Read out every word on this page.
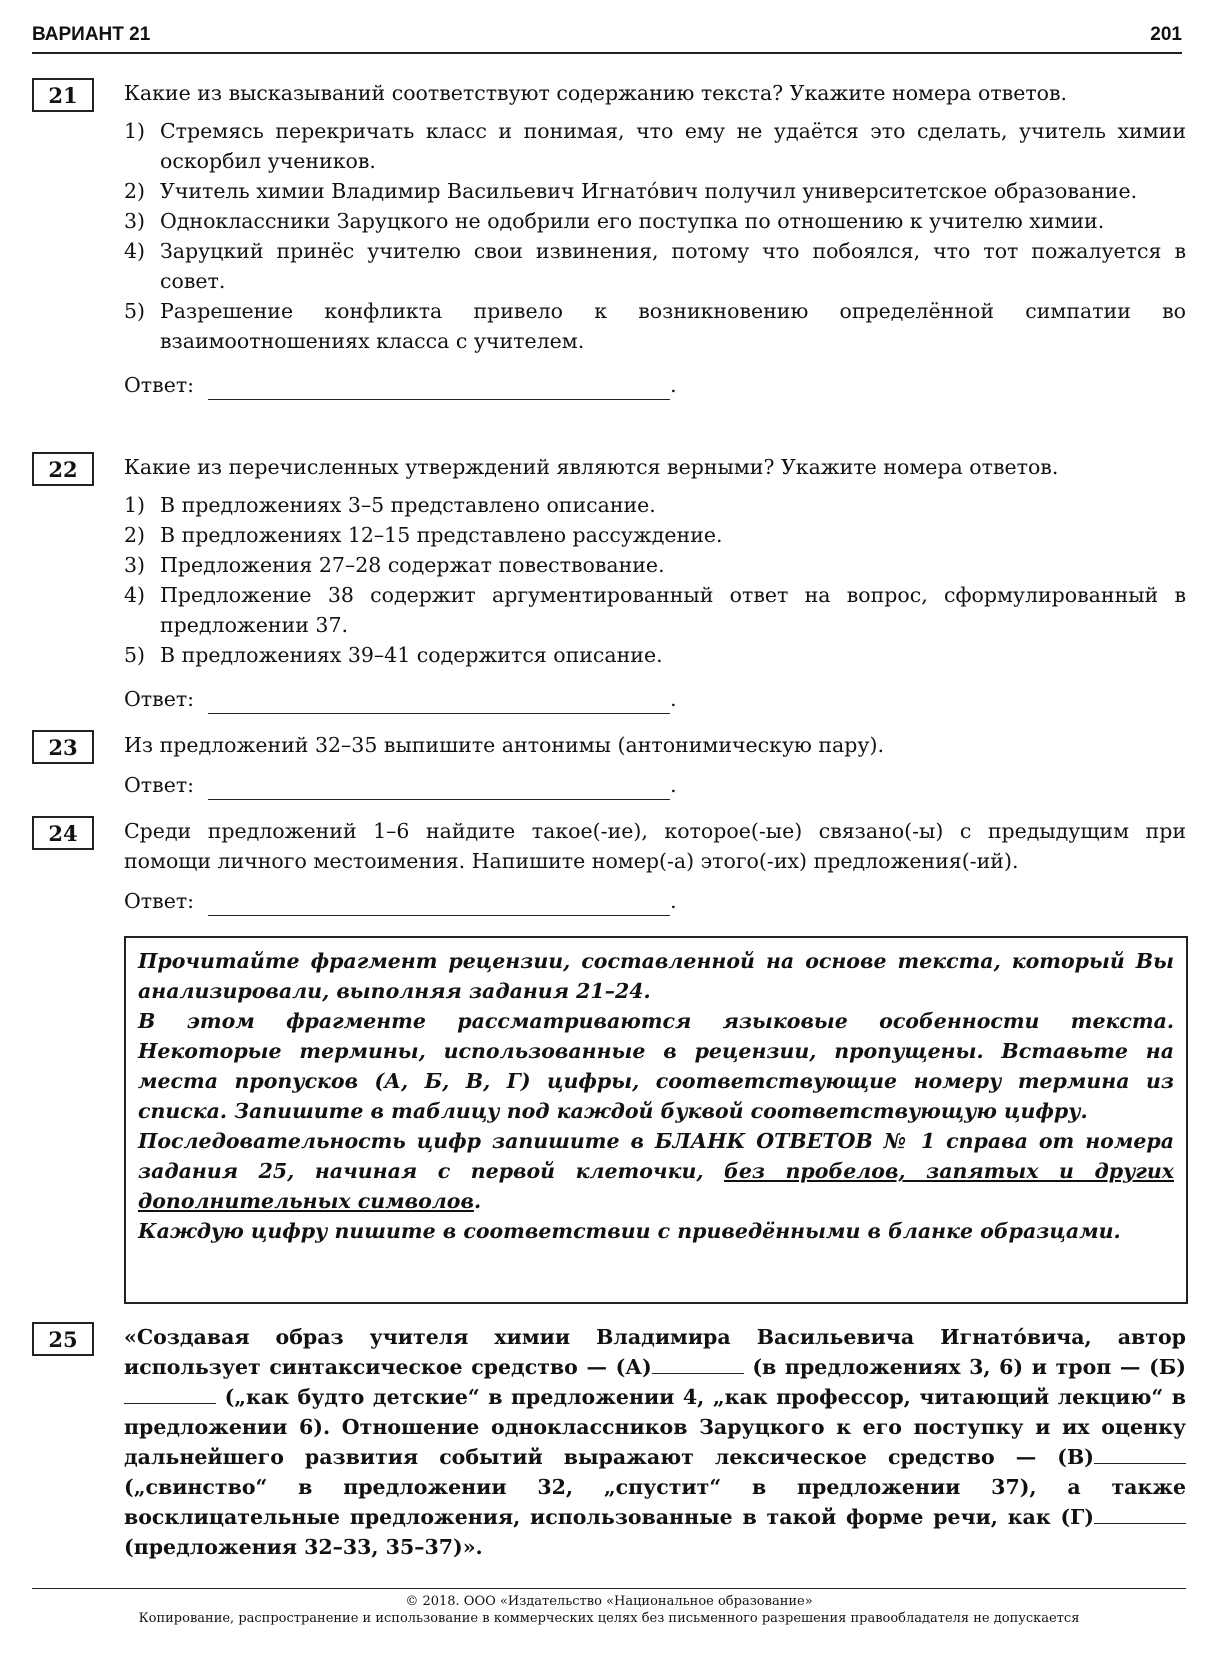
ВАРИАНТ 21	201
21	Какие из высказываний соответствуют содержанию текста? Укажите номера ответов.
1) Стремясь перекричать класс и понимая, что ему не удаётся это сделать, учитель химии оскорбил учеников.
2) Учитель химии Владимир Васильевич Игнато́вич получил университетское образование.
3) Одноклассники Заруцкого не одобрили его поступка по отношению к учителю химии.
4) Заруцкий принёс учителю свои извинения, потому что побоялся, что тот пожалуется в совет.
5) Разрешение конфликта привело к возникновению определённой симпатии во взаимоотношениях класса с учителем.
Ответ:	.
22	Какие из перечисленных утверждений являются верными? Укажите номера ответов.
1) В предложениях 3–5 представлено описание.
2) В предложениях 12–15 представлено рассуждение.
3) Предложения 27–28 содержат повествование.
4) Предложение 38 содержит аргументированный ответ на вопрос, сформулированный в предложении 37.
5) В предложениях 39–41 содержится описание.
Ответ:	.
23	Из предложений 32–35 выпишите антонимы (антонимическую пару).
Ответ:	.
24	Среди предложений 1–6 найдите такое(-ие), которое(-ые) связано(-ы) с предыдущим при помощи личного местоимения. Напишите номер(-а) этого(-их) предложения(-ий).
Ответ:	.

Прочитайте фрагмент рецензии, составленной на основе текста, который Вы анализировали, выполняя задания 21–24.

В этом фрагменте рассматриваются языковые особенности текста. Некоторые термины, использованные в рецензии, пропущены. Вставьте на места пропусков (А, Б, В, Г) цифры, соответствующие номеру термина из списка. Запишите в таблицу под каждой буквой соответствующую цифру.

Последовательность цифр запишите в БЛАНК ОТВЕТОВ № 1 справа от номера задания 25, начиная с первой клеточки, без пробелов, запятых и других дополнительных символов.

Каждую цифру пишите в соответствии с приведёнными в бланке образцами.

25	«Создавая образ учителя химии Владимира Васильевича Игнато́вича, автор использует синтаксическое средство — (А)	(в предложениях 3, 6) и троп — (Б) („как будто детские“ в предложении 4, „как профессор, читающий лекцию“ в предложении 6). Отношение одноклассников Заруцкого к его поступку и их оценку дальнейшего развития событий выражают лексическое средство — (В) („свинство“ в предложении 32, „спустит“ в предложении 37), а также восклицательные предложения, использованные в такой форме речи, как (Г) (предложения 32–33, 35–37)».
© 2018. ООО «Издательство «Национальное образование»
Копирование, распространение и использование в коммерческих целях без письменного разрешения правообладателя не допускается
